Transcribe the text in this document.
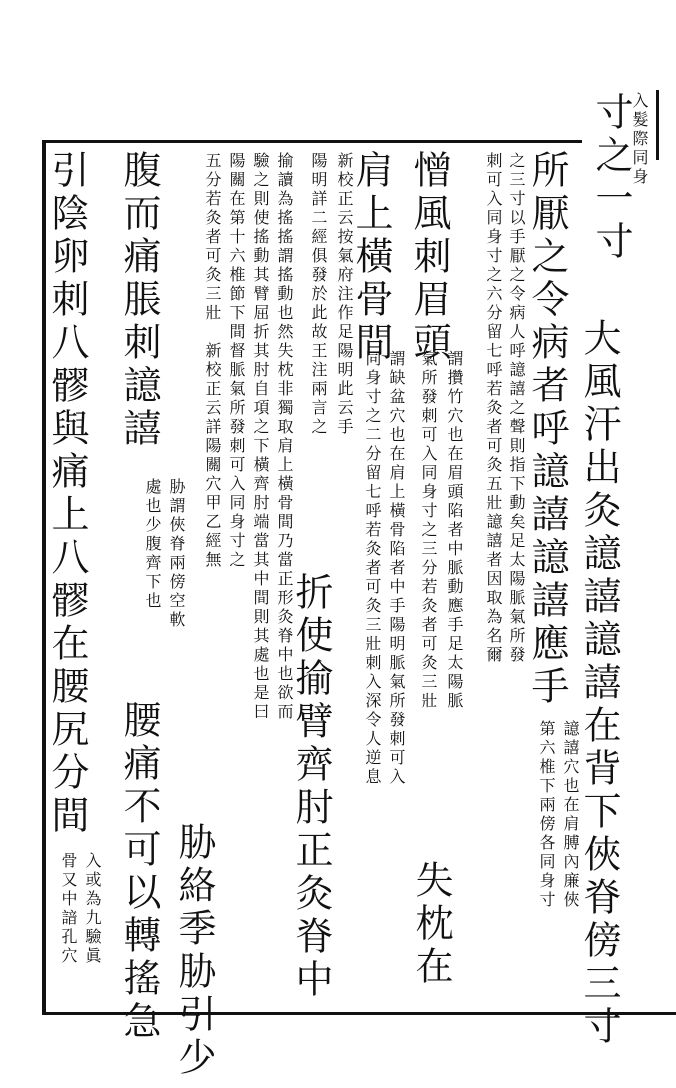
寸之一寸
入髮際同身
大風汗出灸譩譆譩譆在背下俠脊傍三寸
所厭之令病者呼譩譆譩譆應手
譩譆穴也在肩膊內廉俠
第六椎下兩傍各同身寸
之三寸以手厭之令病人呼譩譆之聲則指下動矣足太陽脈氣所發
刺可入同身寸之六分留七呼若灸者可灸五壯譩譆者因取為名爾
憎風刺眉頭
謂攢竹穴也在眉頭陷者中脈動應手足太陽脈
氣所發刺可入同身寸之三分若灸者可灸三壯
失枕在
肩上橫骨間
謂缺盆穴也在肩上橫骨陷者中手陽明脈氣所發刺可入
同身寸之二分留七呼若灸者可灸三壯刺入深令人逆息
新校正云按氣府注作足陽明此云手
陽明詳二經俱發於此故王注兩言之
折使揄臂齊肘正灸脊中
揄讀為搖搖謂搖動也然失枕非獨取肩上橫骨間乃當正形灸脊中也欲而
驗之則使搖動其臂屈折其肘自項之下橫齊肘端當其中間則其處也是曰
陽關在第十六椎節下間督脈氣所發刺可入同身寸之
五分若灸者可灸三壯　新校正云詳陽關穴甲乙經無
胁絡季胁引少
腹而痛脹刺譩譆
胁謂俠脊兩傍空軟
處也少腹齊下也
腰痛不可以轉搖急
引陰卵刺八髎與痛上八髎在腰尻分間
入或為九驗眞
骨又中諳孔穴
